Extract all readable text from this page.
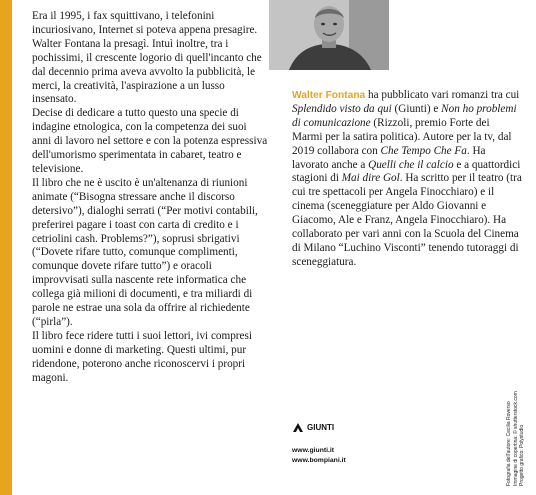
Era il 1995, i fax squittivano, i telefonini incuriosivano, Internet si poteva appena presagire. Walter Fontana la presagì. Intuì inoltre, tra i pochissimi, il crescente logorio di quell'incanto che dal decennio prima aveva avvolto la pubblicità, le merci, la creatività, l'aspirazione a un lusso insensato.

Decise di dedicare a tutto questo una specie di indagine etnologica, con la competenza dei suoi anni di lavoro nel settore e con la potenza espressiva dell'umorismo sperimentata in cabaret, teatro e televisione.

Il libro che ne è uscito è un'altenanza di riunioni animate (“Bisogna stressare anche il discorso detersivo”), dialoghi serrati (“Per motivi contabili, preferirei pagare i toast con carta di credito e i cetriolini cash. Problems?”), soprusi sbrigativi (“Dovete rifare tutto, comunque complimenti, comunque dovete rifare tutto”) e oracoli improvvisati sulla nascente rete informatica che collega già milioni di documenti, e tra miliardi di parole ne estrae una sola da offrire al richiedente (“pirla”).

Il libro fece ridere tutti i suoi lettori, ivi compresi uomini e donne di marketing. Questi ultimi, pur ridendone, poterono anche riconoscervi i propri magoni.

Walter Fontana ha pubblicato vari romanzi tra cui Splendido visto da qui (Giunti) e Non ho problemi di comunicazione (Rizzoli, premio Forte dei Marmi per la satira politica). Autore per la tv, dal 2019 collabora con Che Tempo Che Fa. Ha lavorato anche a Quelli che il calcio e a quattordici stagioni di Mai dire Gol. Ha scritto per il teatro (tra cui tre spettacoli per Angela Finocchiaro) e il cinema (sceneggiature per Aldo Giovanni e Giacomo, Ale e Franz, Angela Finocchiaro). Ha collaborato per vari anni con la Scuola del Cinema di Milano “Luchino Visconti” tenendo tutoraggi di sceneggiatura.
GIUNTI
www.giunti.it
www.bompiani.it	Fotografia dell'autore: Cecilia Roverso Immagine di copertina: © shutterstock.com Progetto grafico: Polystudio
